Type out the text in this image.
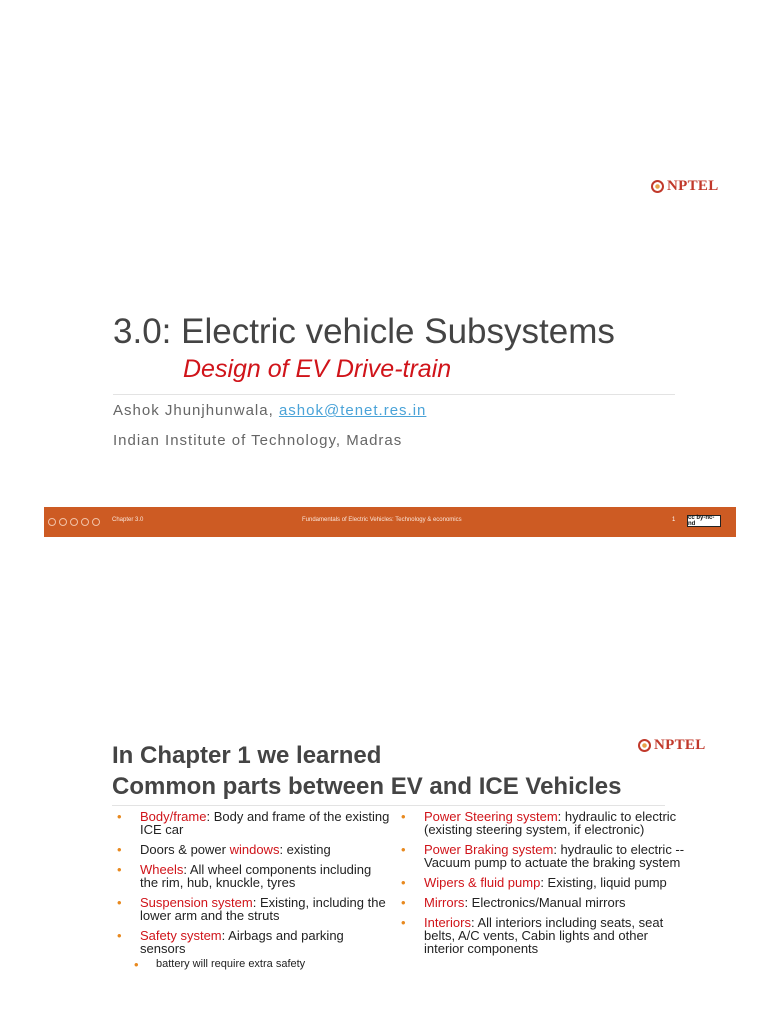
NPTEL
3.0: Electric vehicle Subsystems
Design of EV Drive-train
Ashok Jhunjhunwala, ashok@tenet.res.in
Indian Institute of Technology, Madras
Chapter 3.0	Fundamentals of Electric Vehicles: Technology & economics	1 cc by-nc-nd
NPTEL
In Chapter 1 we learned
Common parts between EV and ICE Vehicles
• Body/frame: Body and frame of the existing ICE car
• Doors & power windows: existing
• Wheels: All wheel components including the rim, hub, knuckle, tyres
• Suspension system: Existing, including the lower arm and the struts
• Safety system: Airbags and parking sensors
• battery will require extra safety
• Power Steering system: hydraulic to electric (existing steering system, if electronic)
• Power Braking system: hydraulic to electric -- Vacuum pump to actuate the braking system
• Wipers & fluid pump: Existing, liquid pump
• Mirrors: Electronics/Manual mirrors
• Interiors: All interiors including seats, seat belts, A/C vents, Cabin lights and other interior components
